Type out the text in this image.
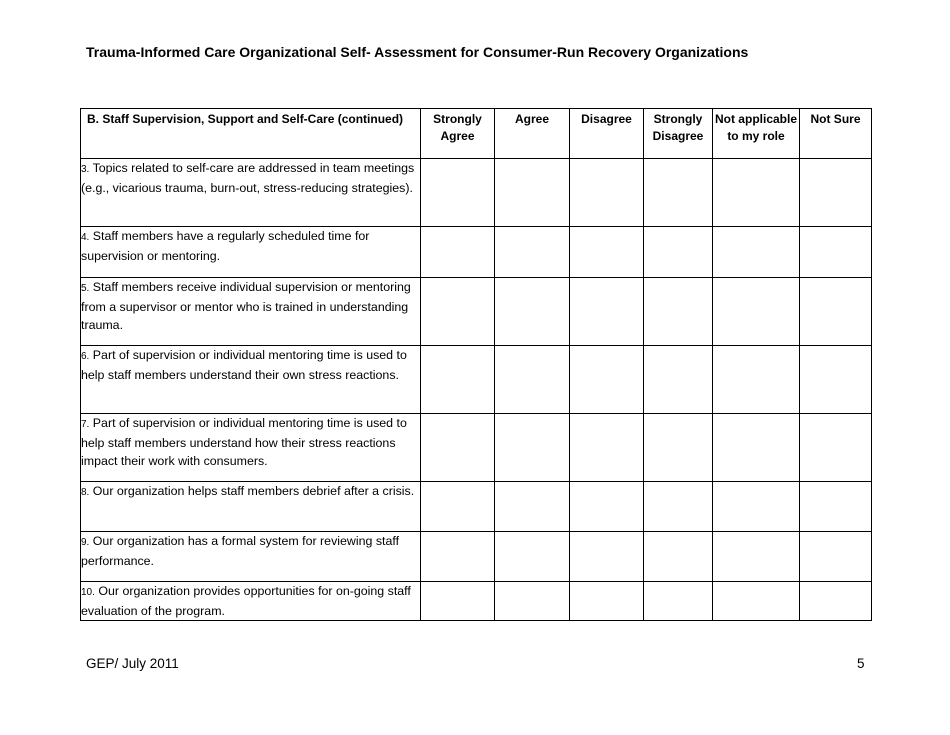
Trauma-Informed Care Organizational Self- Assessment for Consumer-Run Recovery Organizations
B. Staff Supervision, Support and Self-Care (continued)	Strongly Agree	Agree	Disagree	Strongly Disagree	Not applicable to my role	Not Sure
3. Topics related to self-care are addressed in team meetings (e.g., vicarious trauma, burn-out, stress-reducing strategies).						
4. Staff members have a regularly scheduled time for supervision or mentoring.						
5. Staff members receive individual supervision or mentoring from a supervisor or mentor who is trained in understanding trauma.						
6. Part of supervision or individual mentoring time is used to help staff members understand their own stress reactions.						
7. Part of supervision or individual mentoring time is used to help staff members understand how their stress reactions impact their work with consumers.						
8. Our organization helps staff members debrief after a crisis.						
9. Our organization has a formal system for reviewing staff performance.						
10. Our organization provides opportunities for on-going staff evaluation of the program.						
GEP/ July 2011	5
